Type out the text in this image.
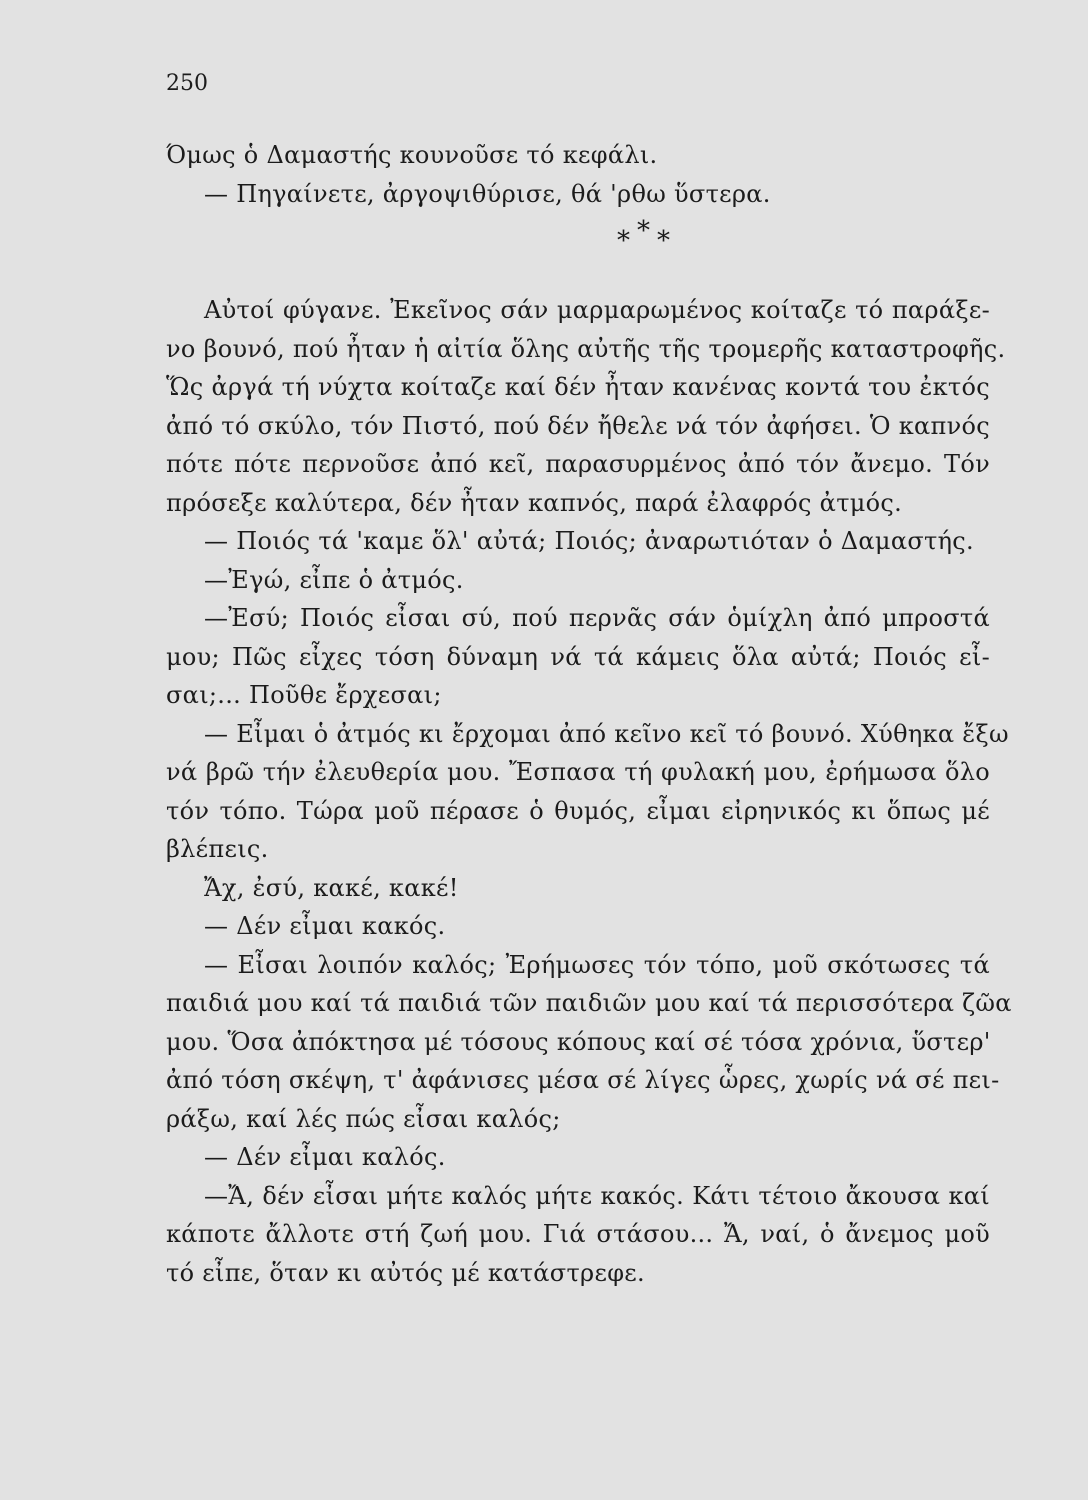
250
Όμως ὁ Δαμαστής κουνοῦσε τό κεφάλι.
— Πηγαίνετε, ἀργοψιθύρισε, θά 'ρθω ὕστερα.
* * *
Αὐτοί φύγανε. Ἐκεῖνος σάν μαρμαρωμένος κοίταζε τό παράξε-
νο βουνό, πού ἦταν ἡ αἰτία ὅλης αὐτῆς τῆς τρομερῆς καταστροφῆς.
Ὥς ἀργά τή νύχτα κοίταζε καί δέν ἦταν κανένας κοντά του ἐκτός
ἀπό τό σκύλο, τόν Πιστό, πού δέν ἤθελε νά τόν ἀφήσει. Ὁ καπνός
πότε πότε περνοῦσε ἀπό κεῖ, παρασυρμένος ἀπό τόν ἄνεμο. Τόν
πρόσεξε καλύτερα, δέν ἦταν καπνός, παρά ἐλαφρός ἀτμός.
— Ποιός τά 'καμε ὅλ' αὐτά; Ποιός; ἀναρωτιόταν ὁ Δαμαστής.
—Ἐγώ, εἶπε ὁ ἀτμός.
—Ἐσύ; Ποιός εἶσαι σύ, πού περνᾶς σάν ὁμίχλη ἀπό μπροστά
μου; Πῶς εἶχες τόση δύναμη νά τά κάμεις ὅλα αὐτά; Ποιός εἶ-
σαι;... Ποῦθε ἔρχεσαι;
— Εἶμαι ὁ ἀτμός κι ἔρχομαι ἀπό κεῖνο κεῖ τό βουνό. Χύθηκα ἔξω
νά βρῶ τήν ἐλευθερία μου. Ἔσπασα τή φυλακή μου, ἐρήμωσα ὅλο
τόν τόπο. Τώρα μοῦ πέρασε ὁ θυμός, εἶμαι εἰρηνικός κι ὅπως μέ
βλέπεις.
Ἄχ, ἐσύ, κακέ, κακέ!
— Δέν εἶμαι κακός.
— Εἶσαι λοιπόν καλός; Ἐρήμωσες τόν τόπο, μοῦ σκότωσες τά
παιδιά μου καί τά παιδιά τῶν παιδιῶν μου καί τά περισσότερα ζῶα
μου. Ὅσα ἀπόκτησα μέ τόσους κόπους καί σέ τόσα χρόνια, ὕστερ'
ἀπό τόση σκέψη, τ' ἀφάνισες μέσα σέ λίγες ὧρες, χωρίς νά σέ πει-
ράξω, καί λές πώς εἶσαι καλός;
— Δέν εἶμαι καλός.
—Ἄ, δέν εἶσαι μήτε καλός μήτε κακός. Κάτι τέτοιο ἄκουσα καί
κάποτε ἄλλοτε στή ζωή μου. Γιά στάσου... Ἄ, ναί, ὁ ἄνεμος μοῦ
τό εἶπε, ὅταν κι αὐτός μέ κατάστρεφε.
